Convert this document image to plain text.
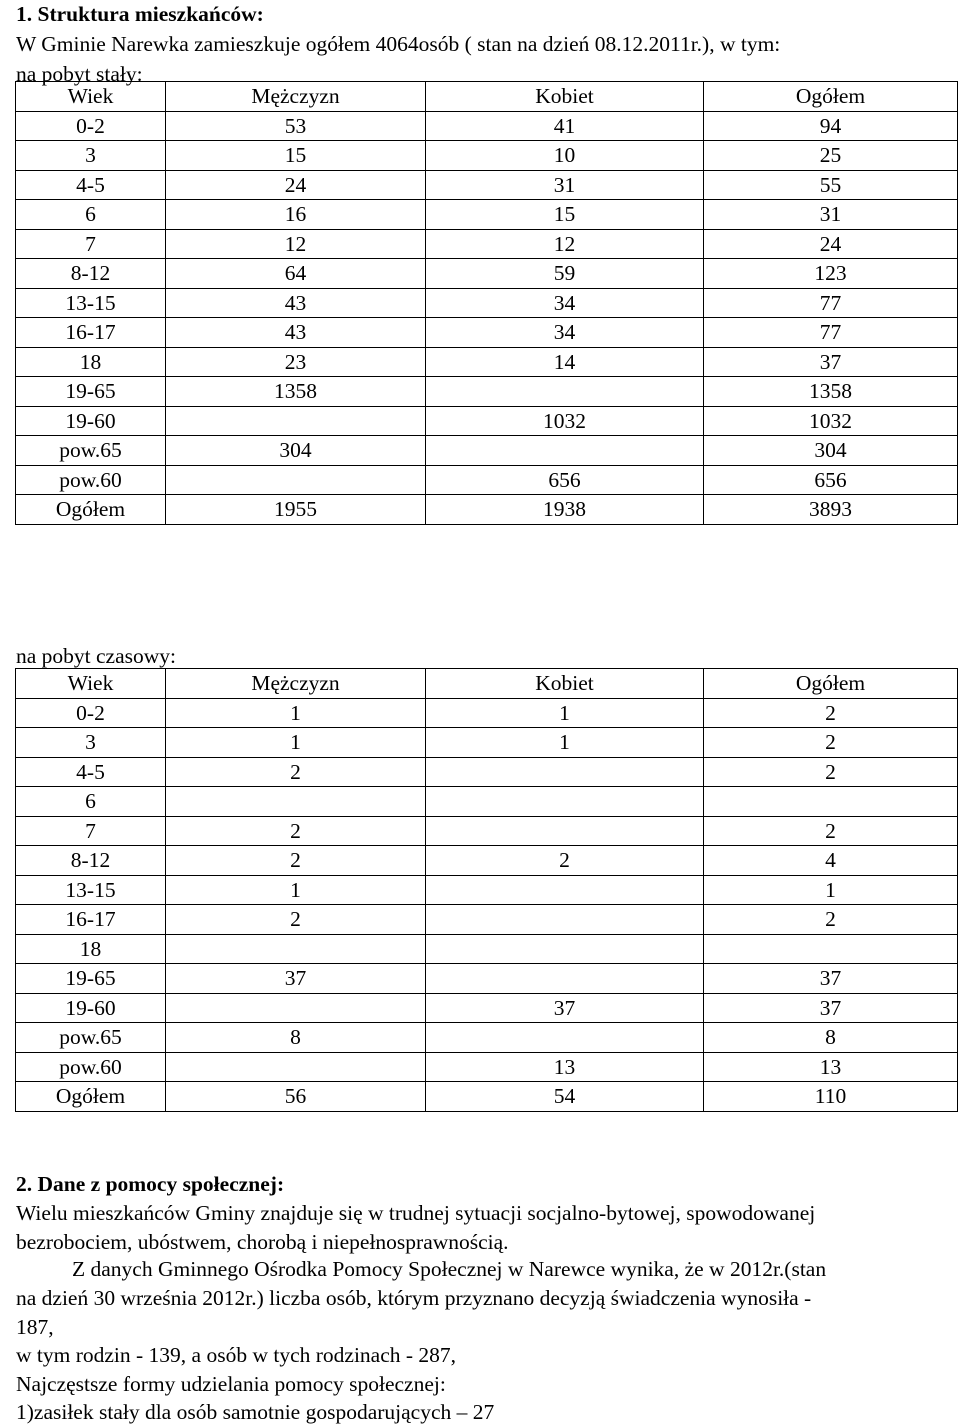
1. Struktura mieszkańców:
W Gminie Narewka zamieszkuje ogółem 4064osób ( stan na dzień 08.12.2011r.), w tym:
na pobyt stały:
Wiek	Mężczyzn	Kobiet	Ogółem
0-2	53	41	94
3	15	10	25
4-5	24	31	55
6	16	15	31
7	12	12	24
8-12	64	59	123
13-15	43	34	77
16-17	43	34	77
18	23	14	37
19-65	1358		1358
19-60		1032	1032
pow.65	304		304
pow.60		656	656
Ogółem	1955	1938	3893
na pobyt czasowy:
Wiek	Mężczyzn	Kobiet	Ogółem
0-2	1	1	2
3	1	1	2
4-5	2		2
6			
7	2		2
8-12	2	2	4
13-15	1		1
16-17	2		2
18			
19-65	37		37
19-60		37	37
pow.65	8		8
pow.60		13	13
Ogółem	56	54	110
2. Dane z pomocy społecznej:
Wielu mieszkańców Gminy znajduje się w trudnej sytuacji socjalno-bytowej, spowodowanej
bezrobociem, ubóstwem, chorobą i niepełnosprawnością.
Z danych Gminnego Ośrodka Pomocy Społecznej w Narewce wynika, że w 2012r.(stan
na dzień 30 września 2012r.) liczba osób, którym przyznano decyzją świadczenia wynosiła -
187,
w tym rodzin - 139, a osób w tych rodzinach - 287,
Najczęstsze formy udzielania pomocy społecznej:
1)zasiłek stały dla osób samotnie gospodarujących – 27
